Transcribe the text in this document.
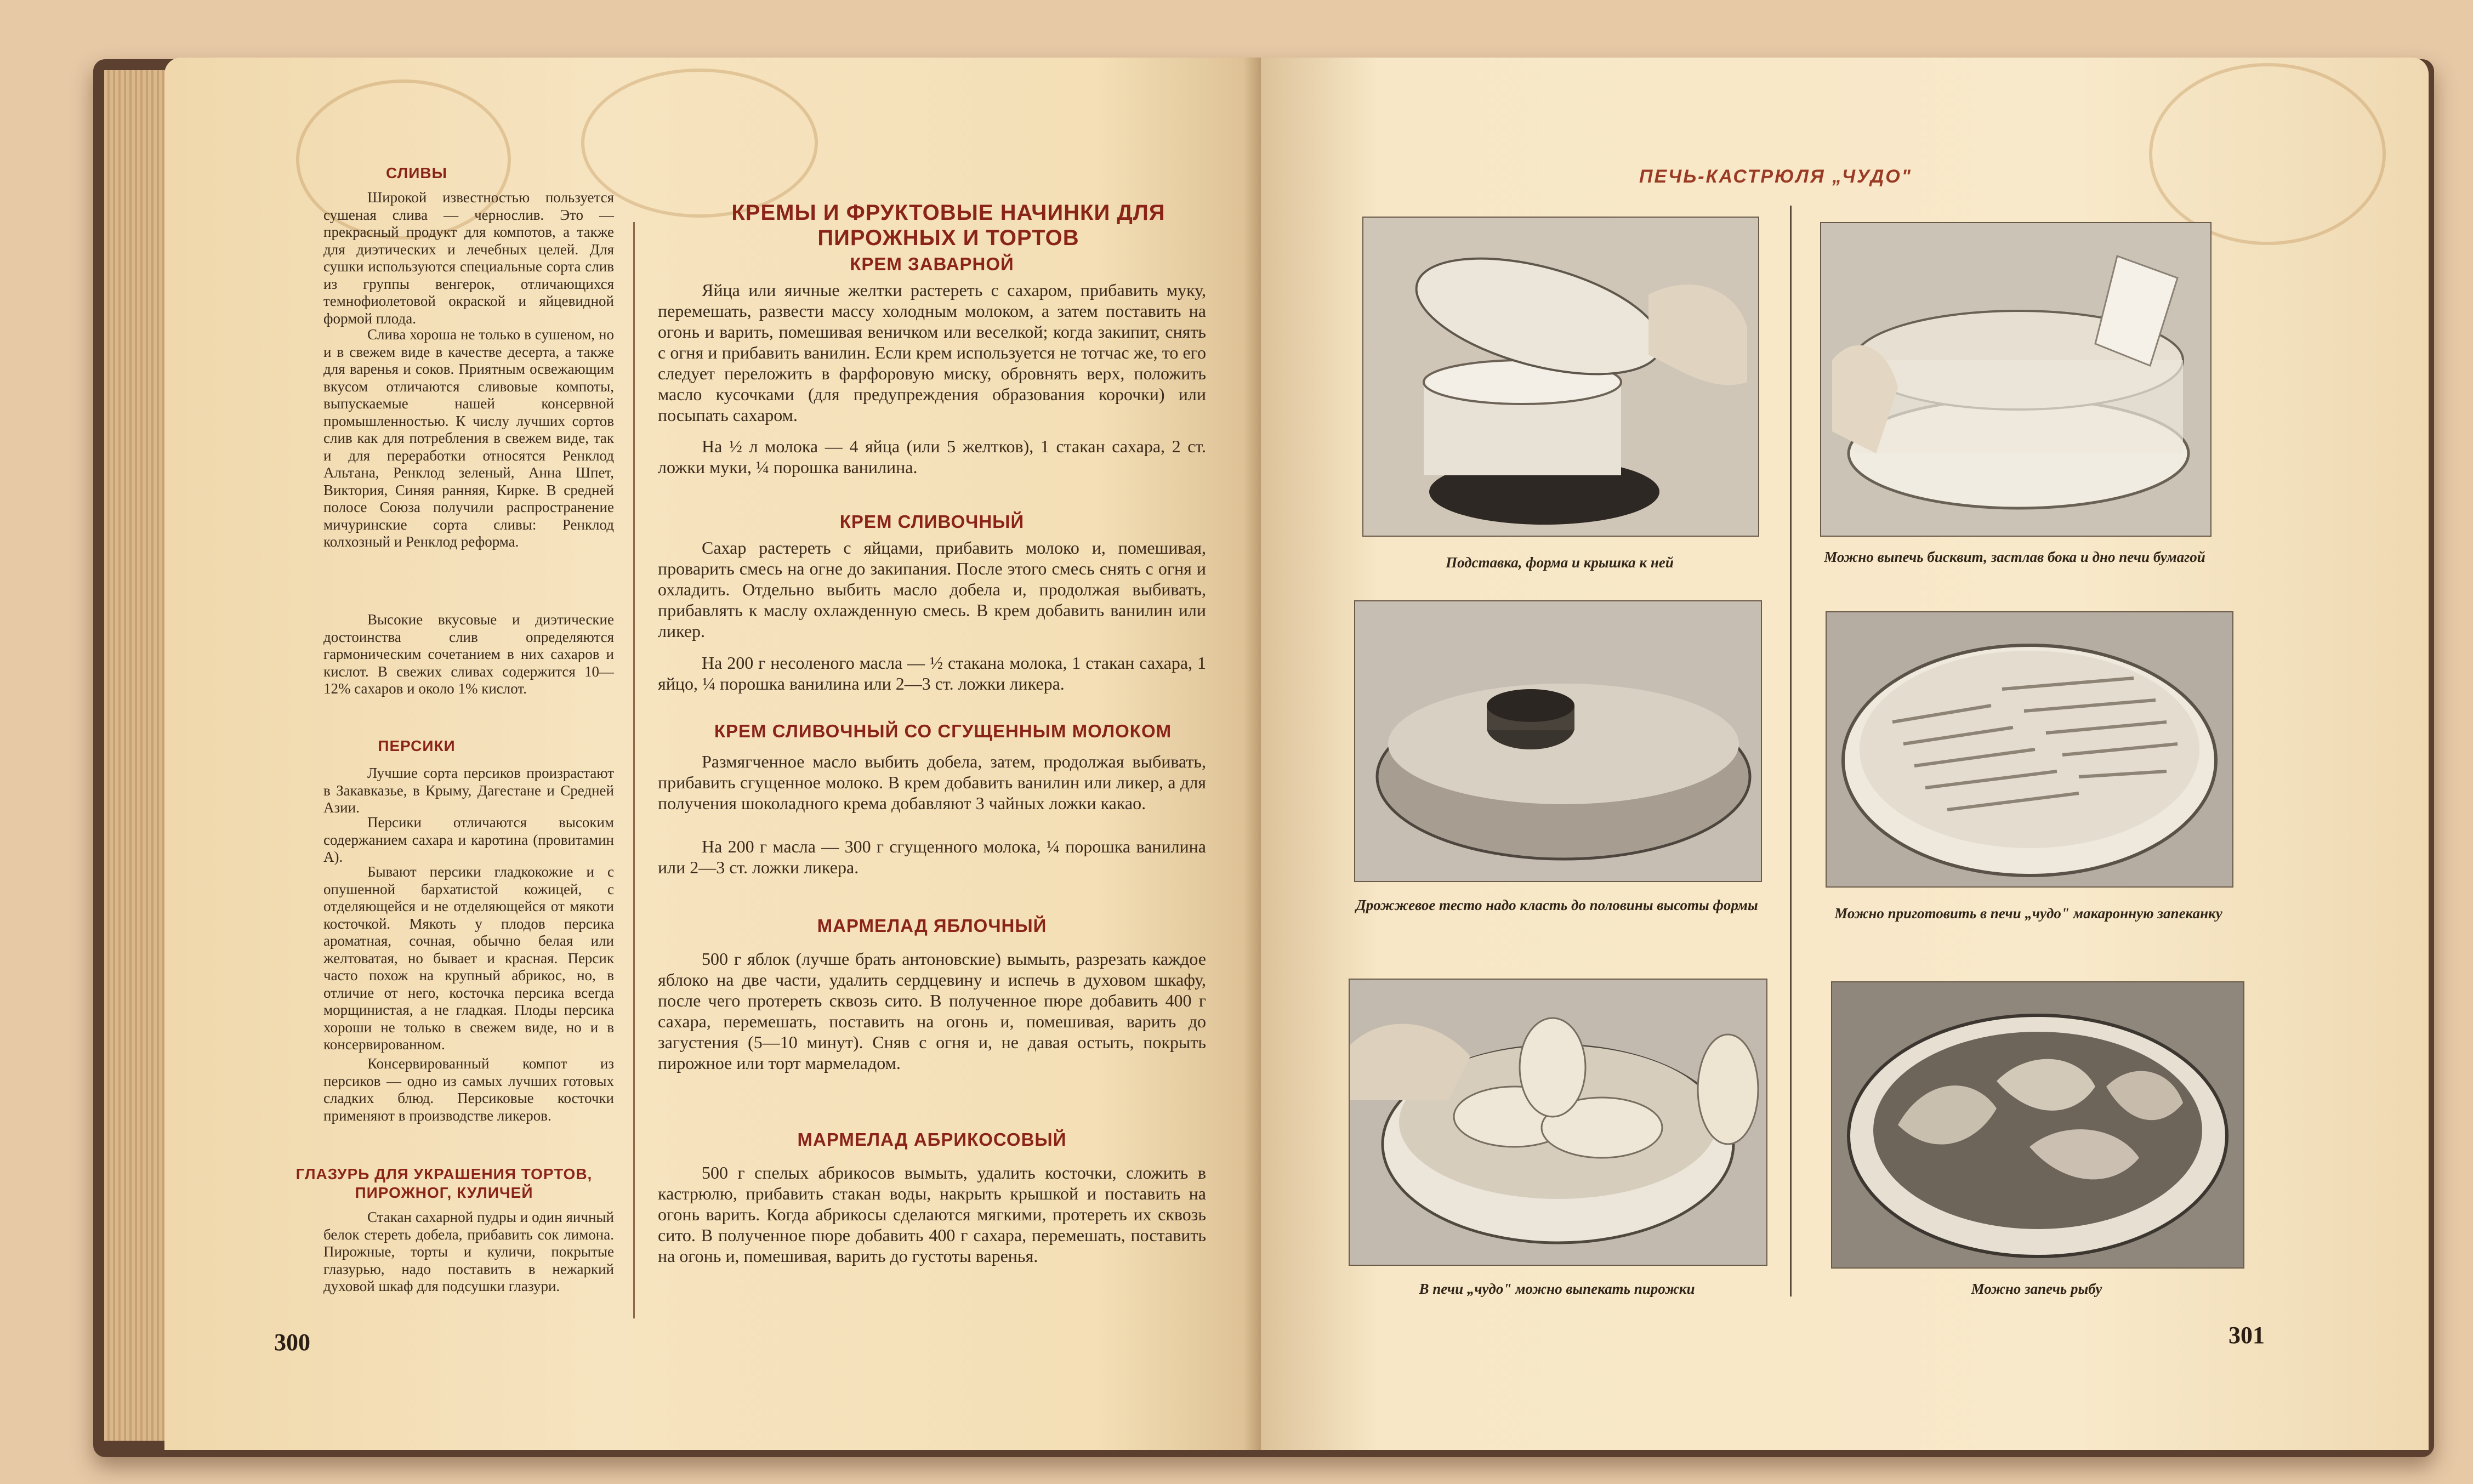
СЛИВЫ
Широкой известностью пользуется сушеная слива — чернослив. Это — прекрасный продукт для компотов, а также для диэтических и лечебных целей. Для сушки используются специальные сорта слив из группы венгерок, отличающихся темнофиолетовой окраской и яйцевидной формой плода.
Слива хороша не только в сушеном, но и в свежем виде в качестве десерта, а также для варенья и соков. Приятным освежающим вкусом отличаются сливовые компоты, выпускаемые нашей консервной промышленностью. К числу лучших сортов слив как для потребления в свежем виде, так и для переработки относятся Ренклод Альтана, Ренклод зеленый, Анна Шпет, Виктория, Синяя ранняя, Кирке. В средней полосе Союза получили распространение мичуринские сорта сливы: Ренклод колхозный и Ренклод реформа.
Высокие вкусовые и диэтические достоинства слив определяются гармоническим сочетанием в них сахаров и кислот. В свежих сливах содержится 10—12% сахаров и около 1% кислот.
ПЕРСИКИ
Лучшие сорта персиков произрастают в Закавказье, в Крыму, Дагестане и Средней Азии.
Персики отличаются высоким содержанием сахара и каротина (провитамин А).
Бывают персики гладкокожие и с опушенной бархатистой кожицей, с отделяющейся и не отделяющейся от мякоти косточкой. Мякоть у плодов персика ароматная, сочная, обычно белая или желтоватая, но бывает и красная. Персик часто похож на крупный абрикос, но, в отличие от него, косточка персика всегда морщинистая, а не гладкая. Плоды персика хороши не только в свежем виде, но и в консервированном.
Консервированный компот из персиков — одно из самых лучших готовых сладких блюд. Персиковые косточки применяют в производстве ликеров.
ГЛАЗУРЬ ДЛЯ УКРАШЕНИЯ ТОРТОВ, ПИРОЖНОГ, КУЛИЧЕЙ
Стакан сахарной пудры и один яичный белок стереть добела, прибавить сок лимона. Пирожные, торты и куличи, покрытые глазурью, надо поставить в нежаркий духовой шкаф для подсушки глазури.
300
КРЕМЫ И ФРУКТОВЫЕ НАЧИНКИ ДЛЯ ПИРОЖНЫХ И ТОРТОВ
КРЕМ ЗАВАРНОЙ
Яйца или яичные желтки растереть с сахаром, прибавить муку, перемешать, развести массу холодным молоком, а затем поставить на огонь и варить, помешивая веничком или веселкой; когда закипит, снять с огня и прибавить ванилин. Если крем используется не тотчас же, то его следует переложить в фарфоровую миску, обровнять верх, положить масло кусочками (для предупреждения образования корочки) или посыпать сахаром.
На ½ л молока — 4 яйца (или 5 желтков), 1 стакан сахара, 2 ст. ложки муки, ¼ порошка ванилина.
КРЕМ СЛИВОЧНЫЙ
Сахар растереть с яйцами, прибавить молоко и, помешивая, проварить смесь на огне до закипания. После этого смесь снять с огня и охладить. Отдельно выбить масло добела и, продолжая выбивать, прибавлять к маслу охлажденную смесь. В крем добавить ванилин или ликер.
На 200 г несоленого масла — ½ стакана молока, 1 стакан сахара, 1 яйцо, ¼ порошка ванилина или 2—3 ст. ложки ликера.
КРЕМ СЛИВОЧНЫЙ СО СГУЩЕННЫМ МОЛОКОМ
Размягченное масло выбить добела, затем, продолжая выбивать, прибавить сгущенное молоко. В крем добавить ванилин или ликер, а для получения шоколадного крема добавляют 3 чайных ложки какао.
На 200 г масла — 300 г сгущенного молока, ¼ порошка ванилина или 2—3 ст. ложки ликера.
МАРМЕЛАД ЯБЛОЧНЫЙ
500 г яблок (лучше брать антоновские) вымыть, разрезать каждое яблоко на две части, удалить сердцевину и испечь в духовом шкафу, после чего протереть сквозь сито. В полученное пюре добавить 400 г сахара, перемешать, поставить на огонь и, помешивая, варить до загустения (5—10 минут). Сняв с огня и, не давая остыть, покрыть пирожное или торт мармеладом.
МАРМЕЛАД АБРИКОСОВЫЙ
500 г спелых абрикосов вымыть, удалить косточки, сложить в кастрюлю, прибавить стакан воды, накрыть крышкой и поставить на огонь варить. Когда абрикосы сделаются мягкими, протереть их сквозь сито. В полученное пюре добавить 400 г сахара, перемешать, поставить на огонь и, помешивая, варить до густоты варенья.
ПЕЧЬ-КАСТРЮЛЯ „ЧУДО"
Подставка, форма и крышка к ней	Можно выпечь бисквит, застлав бока и дно печи бумагой
Дрожжевое тесто надо класть до половины высоты формы	Можно приготовить в печи „чудо" макаронную запеканку
В печи „чудо" можно выпекать пирожки	Можно запечь рыбу
301
